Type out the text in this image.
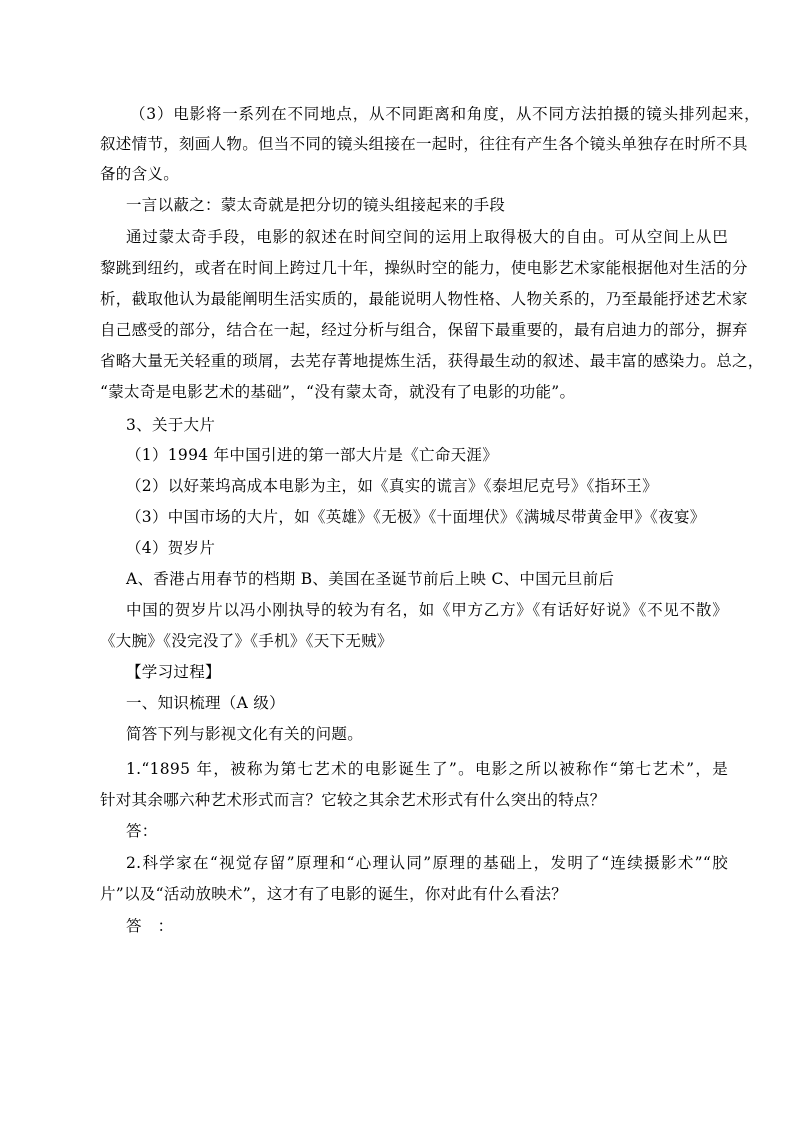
（3）电影将一系列在不同地点，从不同距离和角度，从不同方法拍摄的镜头排列起来，
叙述情节，刻画人物。但当不同的镜头组接在一起时，往往有产生各个镜头单独存在时所不具
备的含义。
一言以蔽之：蒙太奇就是把分切的镜头组接起来的手段
通过蒙太奇手段，电影的叙述在时间空间的运用上取得极大的自由。可从空间上从巴
黎跳到纽约，或者在时间上跨过几十年，操纵时空的能力，使电影艺术家能根据他对生活的分
析，截取他认为最能阐明生活实质的，最能说明人物性格、人物关系的，乃至最能抒述艺术家
自己感受的部分，结合在一起，经过分析与组合，保留下最重要的，最有启迪力的部分，摒弃
省略大量无关轻重的琐屑，去芜存菁地提炼生活，获得最生动的叙述、最丰富的感染力。总之，
“蒙太奇是电影艺术的基础”，“没有蒙太奇，就没有了电影的功能”。
3、关于大片
（1）1994 年中国引进的第一部大片是《亡命天涯》
（2）以好莱坞高成本电影为主，如《真实的谎言》《泰坦尼克号》《指环王》
（3）中国市场的大片，如《英雄》《无极》《十面埋伏》《满城尽带黄金甲》《夜宴》
（4）贺岁片
A、香港占用春节的档期 B、美国在圣诞节前后上映 C、中国元旦前后
中国的贺岁片以冯小刚执导的较为有名，如《甲方乙方》《有话好好说》《不见不散》
《大腕》《没完没了》《手机》《天下无贼》
【学习过程】
一、知识梳理（A 级）
简答下列与影视文化有关的问题。
1.“1895 年，被称为第七艺术的电影诞生了”。电影之所以被称作“第七艺术”，是
针对其余哪六种艺术形式而言？它较之其余艺术形式有什么突出的特点？
答：
2.科学家在“视觉存留”原理和“心理认同”原理的基础上，发明了“连续摄影术”“胶
片”以及“活动放映术”，这才有了电影的诞生，你对此有什么看法？
答　：
